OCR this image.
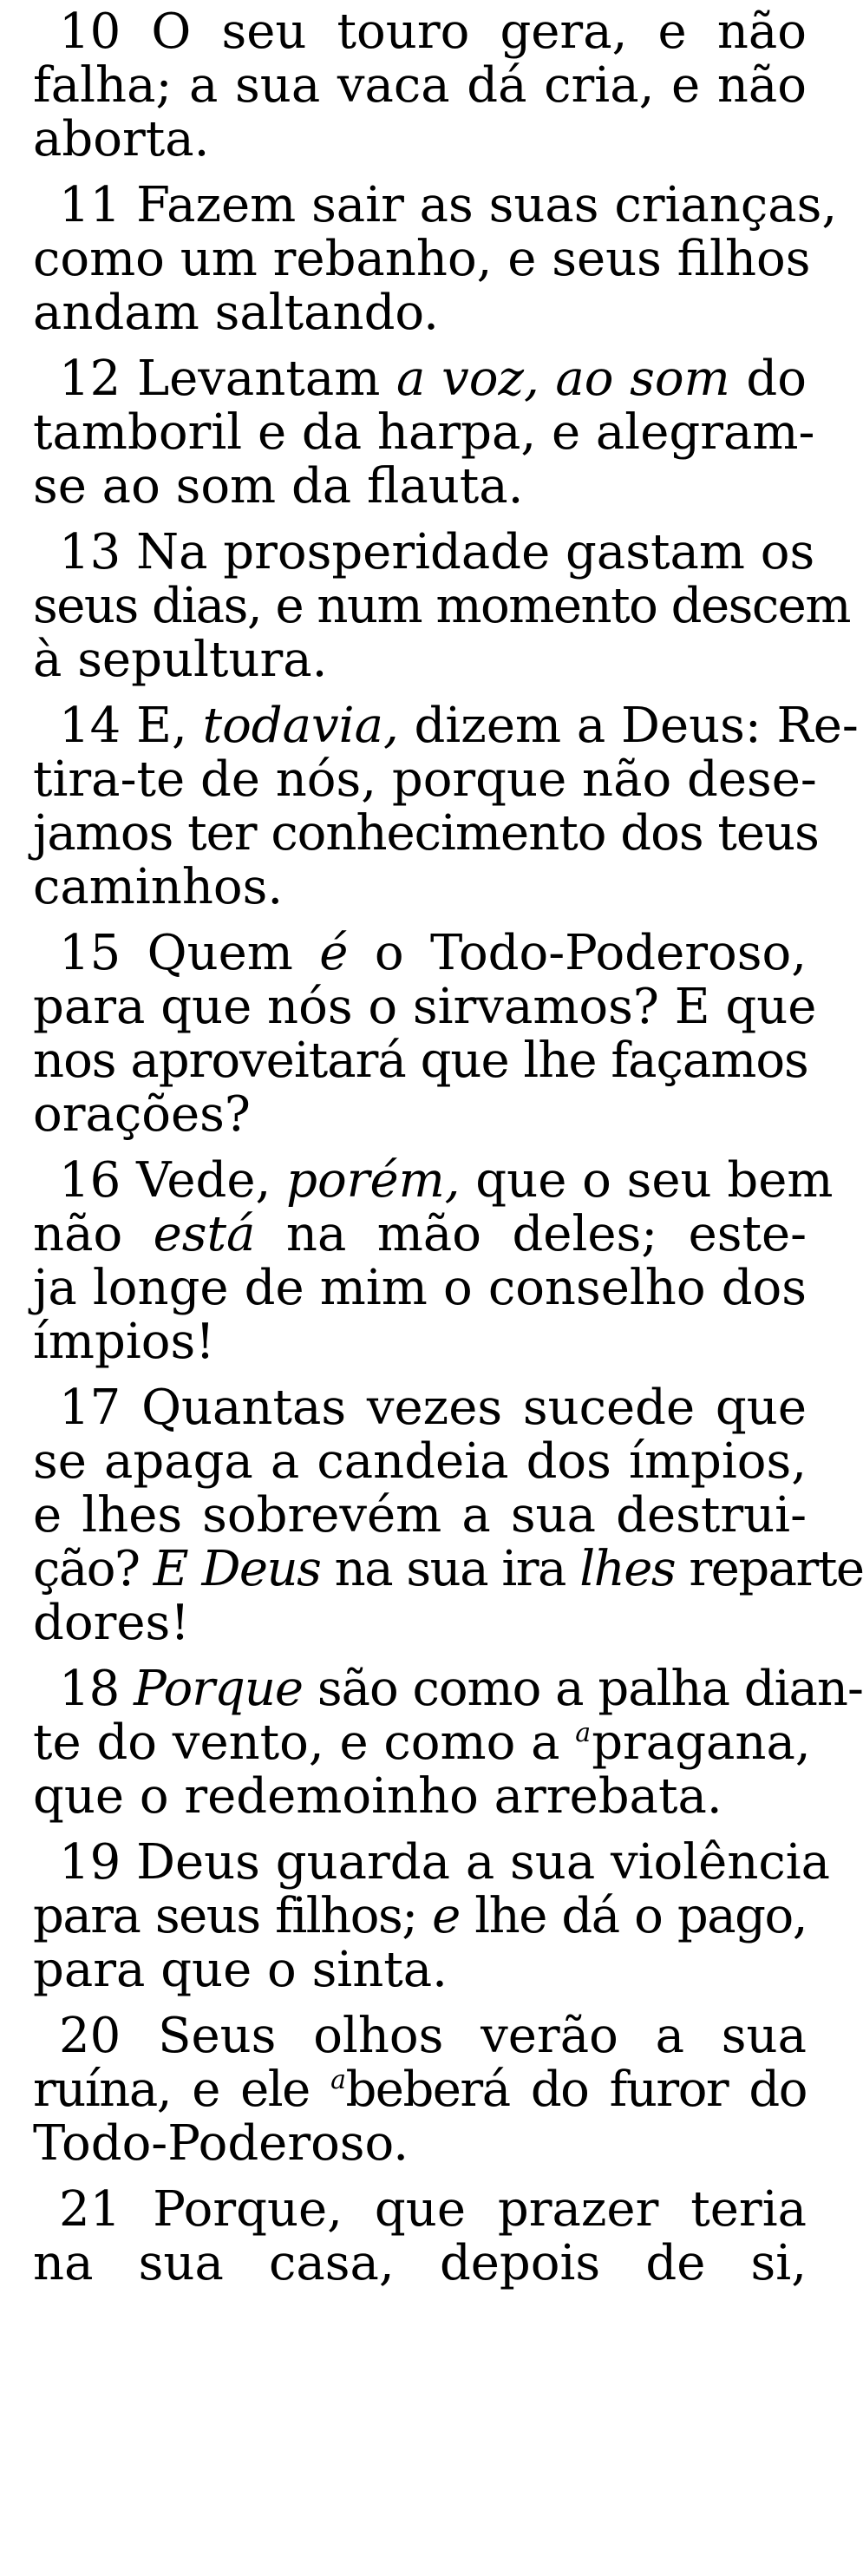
10 O seu touro gera, e não
falha; a sua vaca dá cria, e não
aborta.
11 Fazem sair as suas crianças,
como um rebanho, e seus filhos
andam saltando.
12 Levantam a voz, ao som do
tamboril e da harpa, e alegram-
se ao som da flauta.
13 Na prosperidade gastam os
seus dias, e num momento descem
à sepultura.
14 E, todavia, dizem a Deus: Re-
tira-te de nós, porque não dese-
jamos ter conhecimento dos teus
caminhos.
15 Quem é o Todo-Poderoso,
para que nós o sirvamos? E que
nos aproveitará que lhe façamos
orações?
16 Vede, porém, que o seu bem
não está na mão deles; este-
ja longe de mim o conselho dos
ímpios!
17 Quantas vezes sucede que
se apaga a candeia dos ímpios,
e lhes sobrevém a sua destrui-
ção? E Deus na sua ira lhes reparte
dores!
18 Porque são como a palha dian-
te do vento, e como a $^a$pragana,
que o redemoinho arrebata.
19 Deus guarda a sua violência
para seus filhos; e lhe dá o pago,
para que o sinta.
20 Seus olhos verão a sua
ruína, e ele $^a$beberá do furor do
Todo-Poderoso.
21 Porque, que prazer teria
na sua casa, depois de si,
